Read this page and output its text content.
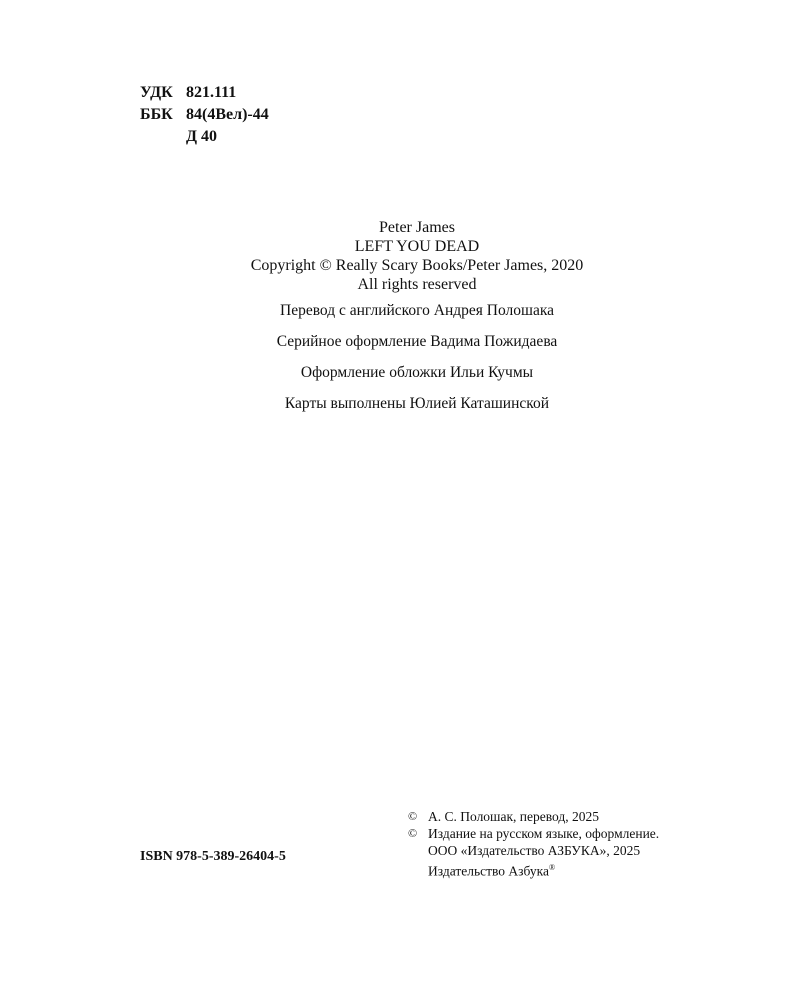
УДК 821.111
ББК 84(4Вел)-44
Д 40
Peter James
LEFT YOU DEAD
Copyright © Really Scary Books/Peter James, 2020
All rights reserved
Перевод с английского Андрея Полошака
Серийное оформление Вадима Пожидаева
Оформление обложки Ильи Кучмы
Карты выполнены Юлией Каташинской
ISBN 978-5-389-26404-5
© А. С. Полошак, перевод, 2025
© Издание на русском языке, оформление.
ООО «Издательство АЗБУКА», 2025
Издательство Азбука®
